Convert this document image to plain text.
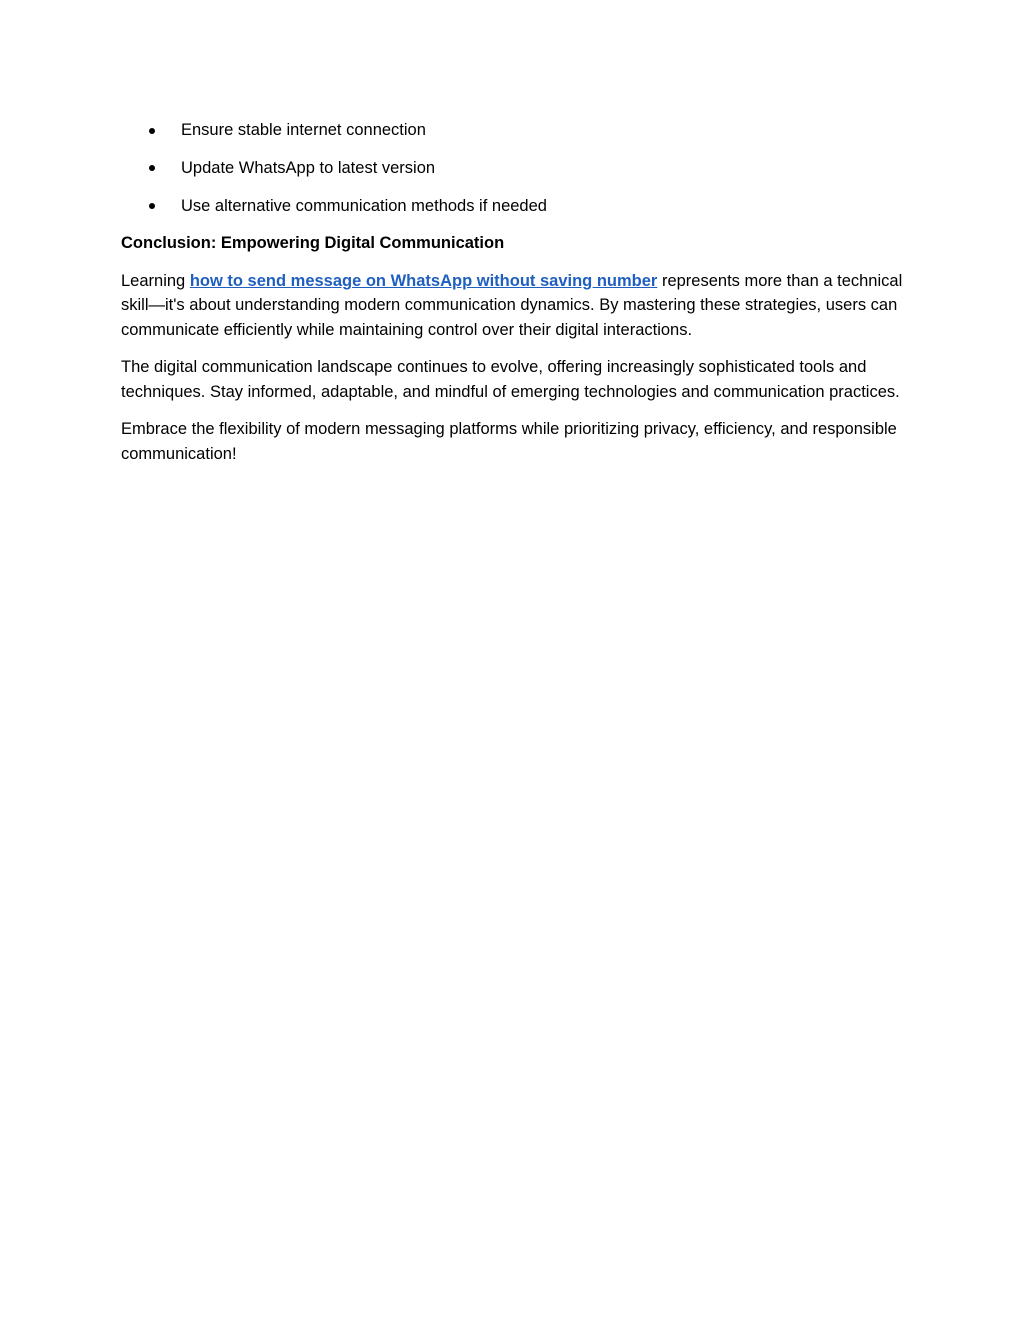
Ensure stable internet connection
Update WhatsApp to latest version
Use alternative communication methods if needed
Conclusion: Empowering Digital Communication

Learning how to send message on WhatsApp without saving number represents more than a technical skill—it's about understanding modern communication dynamics. By mastering these strategies, users can communicate efficiently while maintaining control over their digital interactions.

The digital communication landscape continues to evolve, offering increasingly sophisticated tools and techniques. Stay informed, adaptable, and mindful of emerging technologies and communication practices.

Embrace the flexibility of modern messaging platforms while prioritizing privacy, efficiency, and responsible communication!
